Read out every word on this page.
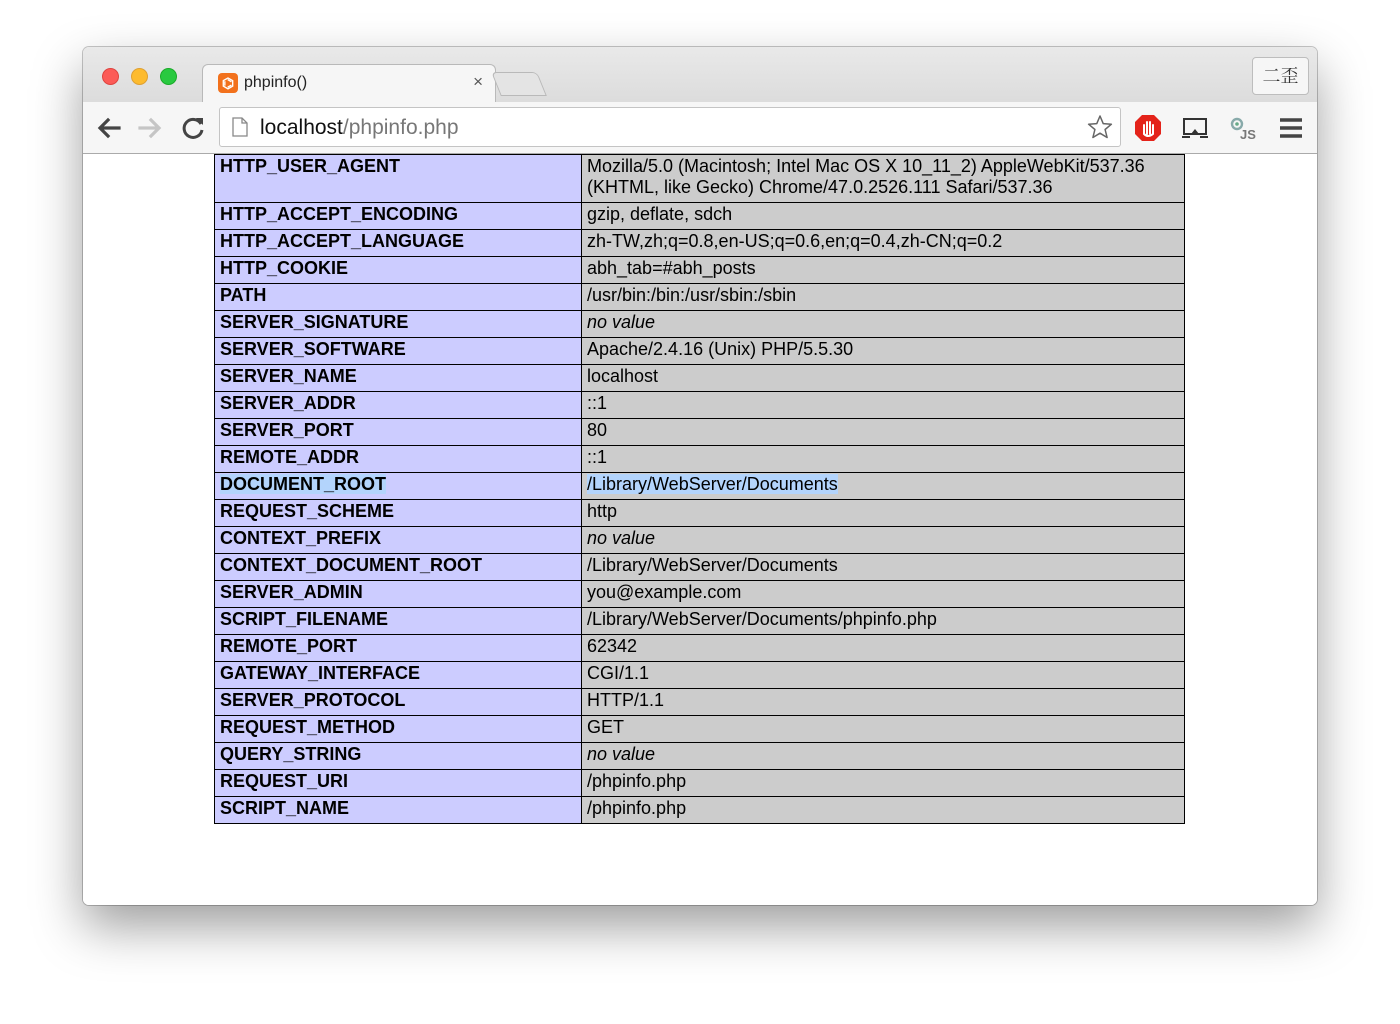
⌬ phpinfo()	×	二歪
localhost/phpinfo.php	JS
HTTP_USER_AGENT	Mozilla/5.0 (Macintosh; Intel Mac OS X 10_11_2) AppleWebKit/537.36 (KHTML, like Gecko) Chrome/47.0.2526.111 Safari/537.36
HTTP_ACCEPT_ENCODING	gzip, deflate, sdch
HTTP_ACCEPT_LANGUAGE	zh-TW,zh;q=0.8,en-US;q=0.6,en;q=0.4,zh-CN;q=0.2
HTTP_COOKIE	abh_tab=#abh_posts
PATH	/usr/bin:/bin:/usr/sbin:/sbin
SERVER_SIGNATURE	no value
SERVER_SOFTWARE	Apache/2.4.16 (Unix) PHP/5.5.30
SERVER_NAME	localhost
SERVER_ADDR	::1
SERVER_PORT	80
REMOTE_ADDR	::1
DOCUMENT_ROOT	/Library/WebServer/Documents
REQUEST_SCHEME	http
CONTEXT_PREFIX	no value
CONTEXT_DOCUMENT_ROOT	/Library/WebServer/Documents
SERVER_ADMIN	you@example.com
SCRIPT_FILENAME	/Library/WebServer/Documents/phpinfo.php
REMOTE_PORT	62342
GATEWAY_INTERFACE	CGI/1.1
SERVER_PROTOCOL	HTTP/1.1
REQUEST_METHOD	GET
QUERY_STRING	no value
REQUEST_URI	/phpinfo.php
SCRIPT_NAME	/phpinfo.php
